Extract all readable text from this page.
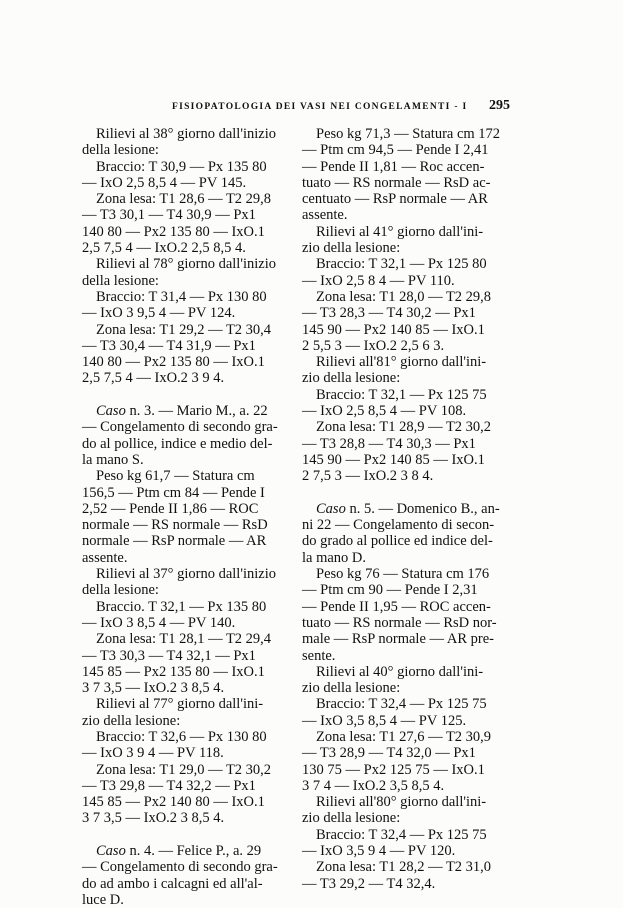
FISIOPATOLOGIA DEI VASI NEI CONGELAMENTI - I 295
Rilievi al 38° giorno dall'inizio
della lesione:
Braccio: T 30,9 — Px 135 80
— IxO 2,5 8,5 4 — PV 145.
Zona lesa: T1 28,6 — T2 29,8
— T3 30,1 — T4 30,9 — Px1
140 80 — Px2 135 80 — IxO.1
2,5 7,5 4 — IxO.2 2,5 8,5 4.
Rilievi al 78° giorno dall'inizio
della lesione:
Braccio: T 31,4 — Px 130 80
— IxO 3 9,5 4 — PV 124.
Zona lesa: T1 29,2 — T2 30,4
— T3 30,4 — T4 31,9 — Px1
140 80 — Px2 135 80 — IxO.1
2,5 7,5 4 — IxO.2 3 9 4.
Caso n. 3. — Mario M., a. 22
— Congelamento di secondo gra-
do al pollice, indice e medio del-
la mano S.
Peso kg 61,7 — Statura cm
156,5 — Ptm cm 84 — Pende I
2,52 — Pende II 1,86 — ROC
normale — RS normale — RsD
normale — RsP normale — AR
assente.
Rilievi al 37° giorno dall'inizio
della lesione:
Braccio. T 32,1 — Px 135 80
— IxO 3 8,5 4 — PV 140.
Zona lesa: T1 28,1 — T2 29,4
— T3 30,3 — T4 32,1 — Px1
145 85 — Px2 135 80 — IxO.1
3 7 3,5 — IxO.2 3 8,5 4.
Rilievi al 77° giorno dall'ini-
zio della lesione:
Braccio: T 32,6 — Px 130 80
— IxO 3 9 4 — PV 118.
Zona lesa: T1 29,0 — T2 30,2
— T3 29,8 — T4 32,2 — Px1
145 85 — Px2 140 80 — IxO.1
3 7 3,5 — IxO.2 3 8,5 4.
Caso n. 4. — Felice P., a. 29
— Congelamento di secondo gra-
do ad ambo i calcagni ed all'al-
luce D.
Peso kg 71,3 — Statura cm 172
— Ptm cm 94,5 — Pende I 2,41
— Pende II 1,81 — Roc accen-
tuato — RS normale — RsD ac-
centuato — RsP normale — AR
assente.
Rilievi al 41° giorno dall'ini-
zio della lesione:
Braccio: T 32,1 — Px 125 80
— IxO 2,5 8 4 — PV 110.
Zona lesa: T1 28,0 — T2 29,8
— T3 28,3 — T4 30,2 — Px1
145 90 — Px2 140 85 — IxO.1
2 5,5 3 — IxO.2 2,5 6 3.
Rilievi all'81° giorno dall'ini-
zio della lesione:
Braccio: T 32,1 — Px 125 75
— IxO 2,5 8,5 4 — PV 108.
Zona lesa: T1 28,9 — T2 30,2
— T3 28,8 — T4 30,3 — Px1
145 90 — Px2 140 85 — IxO.1
2 7,5 3 — IxO.2 3 8 4.
Caso n. 5. — Domenico B., an-
ni 22 — Congelamento di secon-
do grado al pollice ed indice del-
la mano D.
Peso kg 76 — Statura cm 176
— Ptm cm 90 — Pende I 2,31
— Pende II 1,95 — ROC accen-
tuato — RS normale — RsD nor-
male — RsP normale — AR pre-
sente.
Rilievi al 40° giorno dall'ini-
zio della lesione:
Braccio: T 32,4 — Px 125 75
— IxO 3,5 8,5 4 — PV 125.
Zona lesa: T1 27,6 — T2 30,9
— T3 28,9 — T4 32,0 — Px1
130 75 — Px2 125 75 — IxO.1
3 7 4 — IxO.2 3,5 8,5 4.
Rilievi all'80° giorno dall'ini-
zio della lesione:
Braccio: T 32,4 — Px 125 75
— IxO 3,5 9 4 — PV 120.
Zona lesa: T1 28,2 — T2 31,0
— T3 29,2 — T4 32,4.
